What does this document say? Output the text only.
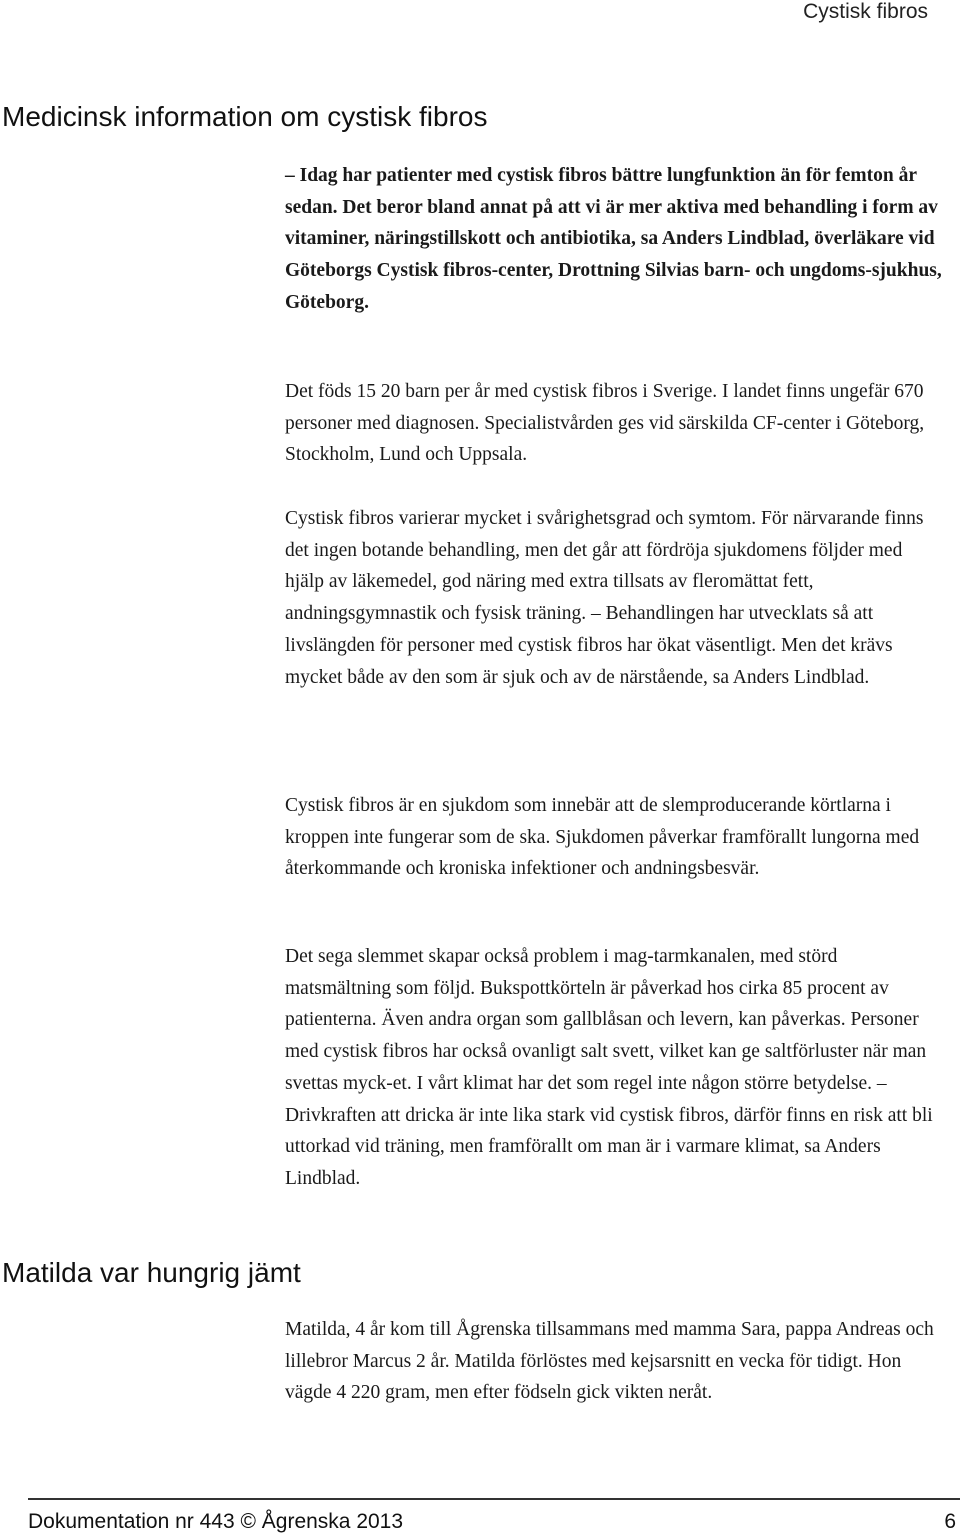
Cystisk fibros
Medicinsk information om cystisk fibros

– Idag har patienter med cystisk fibros bättre lungfunktion än för femton år sedan. Det beror bland annat på att vi är mer aktiva med behandling i form av vitaminer, näringstillskott och antibiotika, sa Anders Lindblad, överläkare vid Göteborgs Cystisk fibros-center, Drottning Silvias barn- och ungdoms-sjukhus, Göteborg.

Det föds 15 20 barn per år med cystisk fibros i Sverige. I landet finns ungefär 670 personer med diagnosen. Specialistvården ges vid särskilda CF-center i Göteborg, Stockholm, Lund och Uppsala.

Cystisk fibros varierar mycket i svårighetsgrad och symtom. För närvarande finns det ingen botande behandling, men det går att fördröja sjukdomens följder med hjälp av läkemedel, god näring med extra tillsats av fleromättat fett, andningsgymnastik och fysisk träning. – Behandlingen har utvecklats så att livslängden för personer med cystisk fibros har ökat väsentligt. Men det krävs mycket både av den som är sjuk och av de närstående, sa Anders Lindblad.

Cystisk fibros är en sjukdom som innebär att de slemproducerande körtlarna i kroppen inte fungerar som de ska. Sjukdomen påverkar framförallt lungorna med återkommande och kroniska infektioner och andningsbesvär.

Det sega slemmet skapar också problem i mag-tarmkanalen, med störd matsmältning som följd. Bukspottkörteln är påverkad hos cirka 85 procent av patienterna. Även andra organ som gallblåsan och levern, kan påverkas. Personer med cystisk fibros har också ovanligt salt svett, vilket kan ge saltförluster när man svettas myck-et. I vårt klimat har det som regel inte någon större betydelse. – Drivkraften att dricka är inte lika stark vid cystisk fibros, därför finns en risk att bli uttorkad vid träning, men framförallt om man är i varmare klimat, sa Anders Lindblad.

Matilda var hungrig jämt

Matilda, 4 år kom till Ågrenska tillsammans med mamma Sara, pappa Andreas och lillebror Marcus 2 år. Matilda förlöstes med kejsarsnitt en vecka för tidigt. Hon vägde 4 220 gram, men efter födseln gick vikten neråt.

Dokumentation nr 443 © Ågrenska 2013	6
